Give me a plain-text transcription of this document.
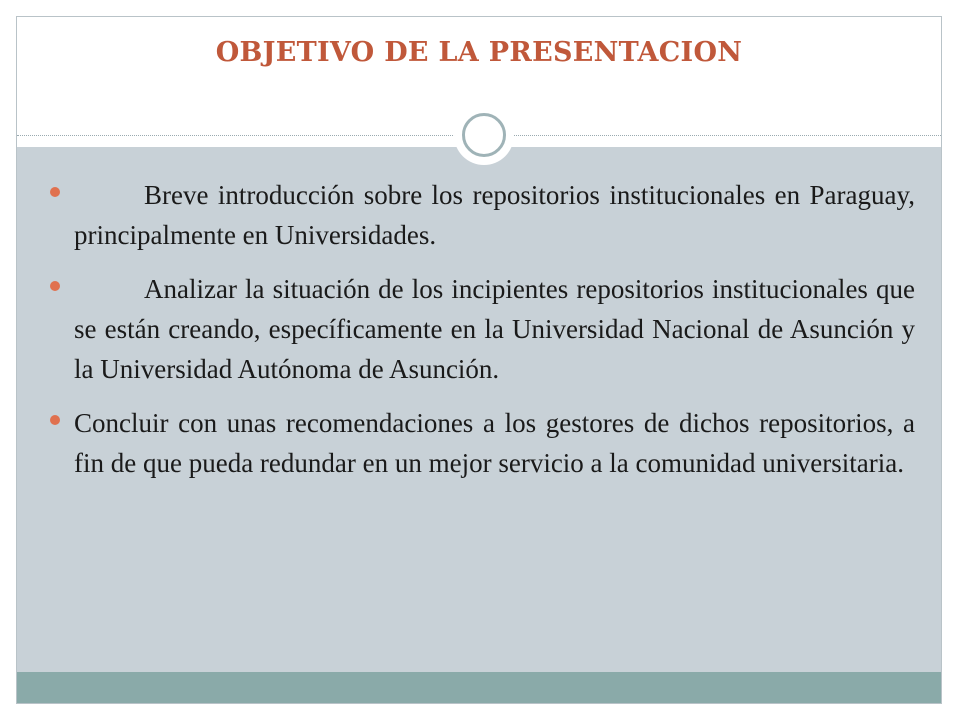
OBJETIVO DE LA PRESENTACION
Breve introducción sobre los repositorios institucionales en Paraguay, principalmente en Universidades.
Analizar la situación de los incipientes repositorios institucionales que se están creando, específicamente en la Universidad Nacional de Asunción y la Universidad Autónoma de Asunción.
Concluir con unas recomendaciones a los gestores de dichos repositorios, a fin de que pueda redundar en un mejor servicio a la comunidad universitaria.
